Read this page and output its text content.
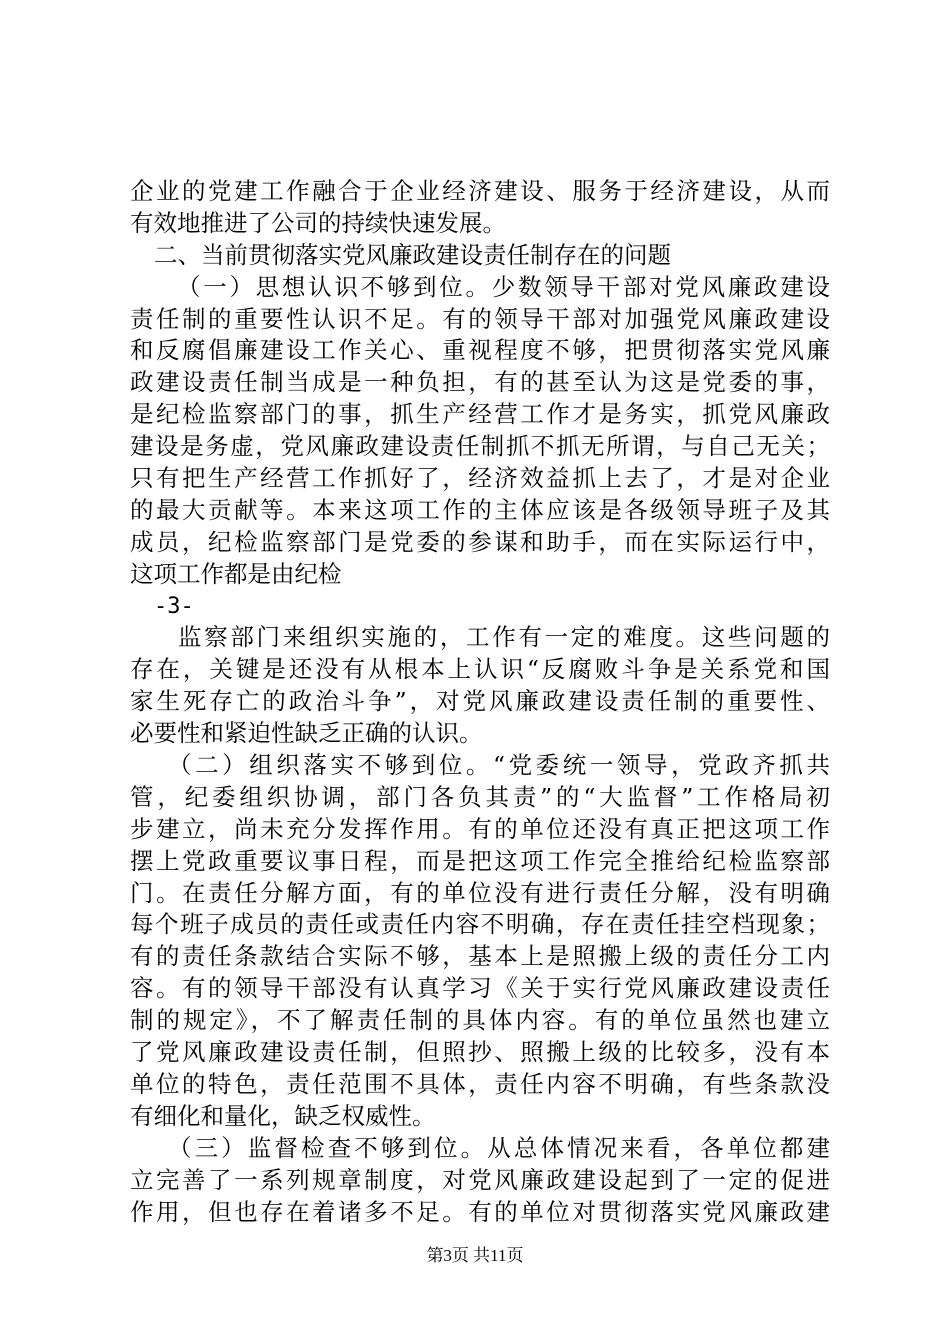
企业的党建工作融合于企业经济建设、服务于经济建设，从而
有效地推进了公司的持续快速发展。
二、当前贯彻落实党风廉政建设责任制存在的问题
（一）思想认识不够到位。少数领导干部对党风廉政建设
责任制的重要性认识不足。有的领导干部对加强党风廉政建设
和反腐倡廉建设工作关心、重视程度不够，把贯彻落实党风廉
政建设责任制当成是一种负担，有的甚至认为这是党委的事，
是纪检监察部门的事，抓生产经营工作才是务实，抓党风廉政
建设是务虚，党风廉政建设责任制抓不抓无所谓，与自己无关；
只有把生产经营工作抓好了，经济效益抓上去了，才是对企业
的最大贡献等。本来这项工作的主体应该是各级领导班子及其
成员，纪检监察部门是党委的参谋和助手，而在实际运行中，
这项工作都是由纪检
-3-
监察部门来组织实施的，工作有一定的难度。这些问题的
存在，关键是还没有从根本上认识“反腐败斗争是关系党和国
家生死存亡的政治斗争”，对党风廉政建设责任制的重要性、
必要性和紧迫性缺乏正确的认识。
（二）组织落实不够到位。“党委统一领导，党政齐抓共
管，纪委组织协调，部门各负其责”的“大监督”工作格局初
步建立，尚未充分发挥作用。有的单位还没有真正把这项工作
摆上党政重要议事日程，而是把这项工作完全推给纪检监察部
门。在责任分解方面，有的单位没有进行责任分解，没有明确
每个班子成员的责任或责任内容不明确，存在责任挂空档现象；
有的责任条款结合实际不够，基本上是照搬上级的责任分工内
容。有的领导干部没有认真学习《关于实行党风廉政建设责任
制的规定》，不了解责任制的具体内容。有的单位虽然也建立
了党风廉政建设责任制，但照抄、照搬上级的比较多，没有本
单位的特色，责任范围不具体，责任内容不明确，有些条款没
有细化和量化，缺乏权威性。
（三）监督检查不够到位。从总体情况来看，各单位都建
立完善了一系列规章制度，对党风廉政建设起到了一定的促进
作用，但也存在着诸多不足。有的单位对贯彻落实党风廉政建
第3页 共11页
